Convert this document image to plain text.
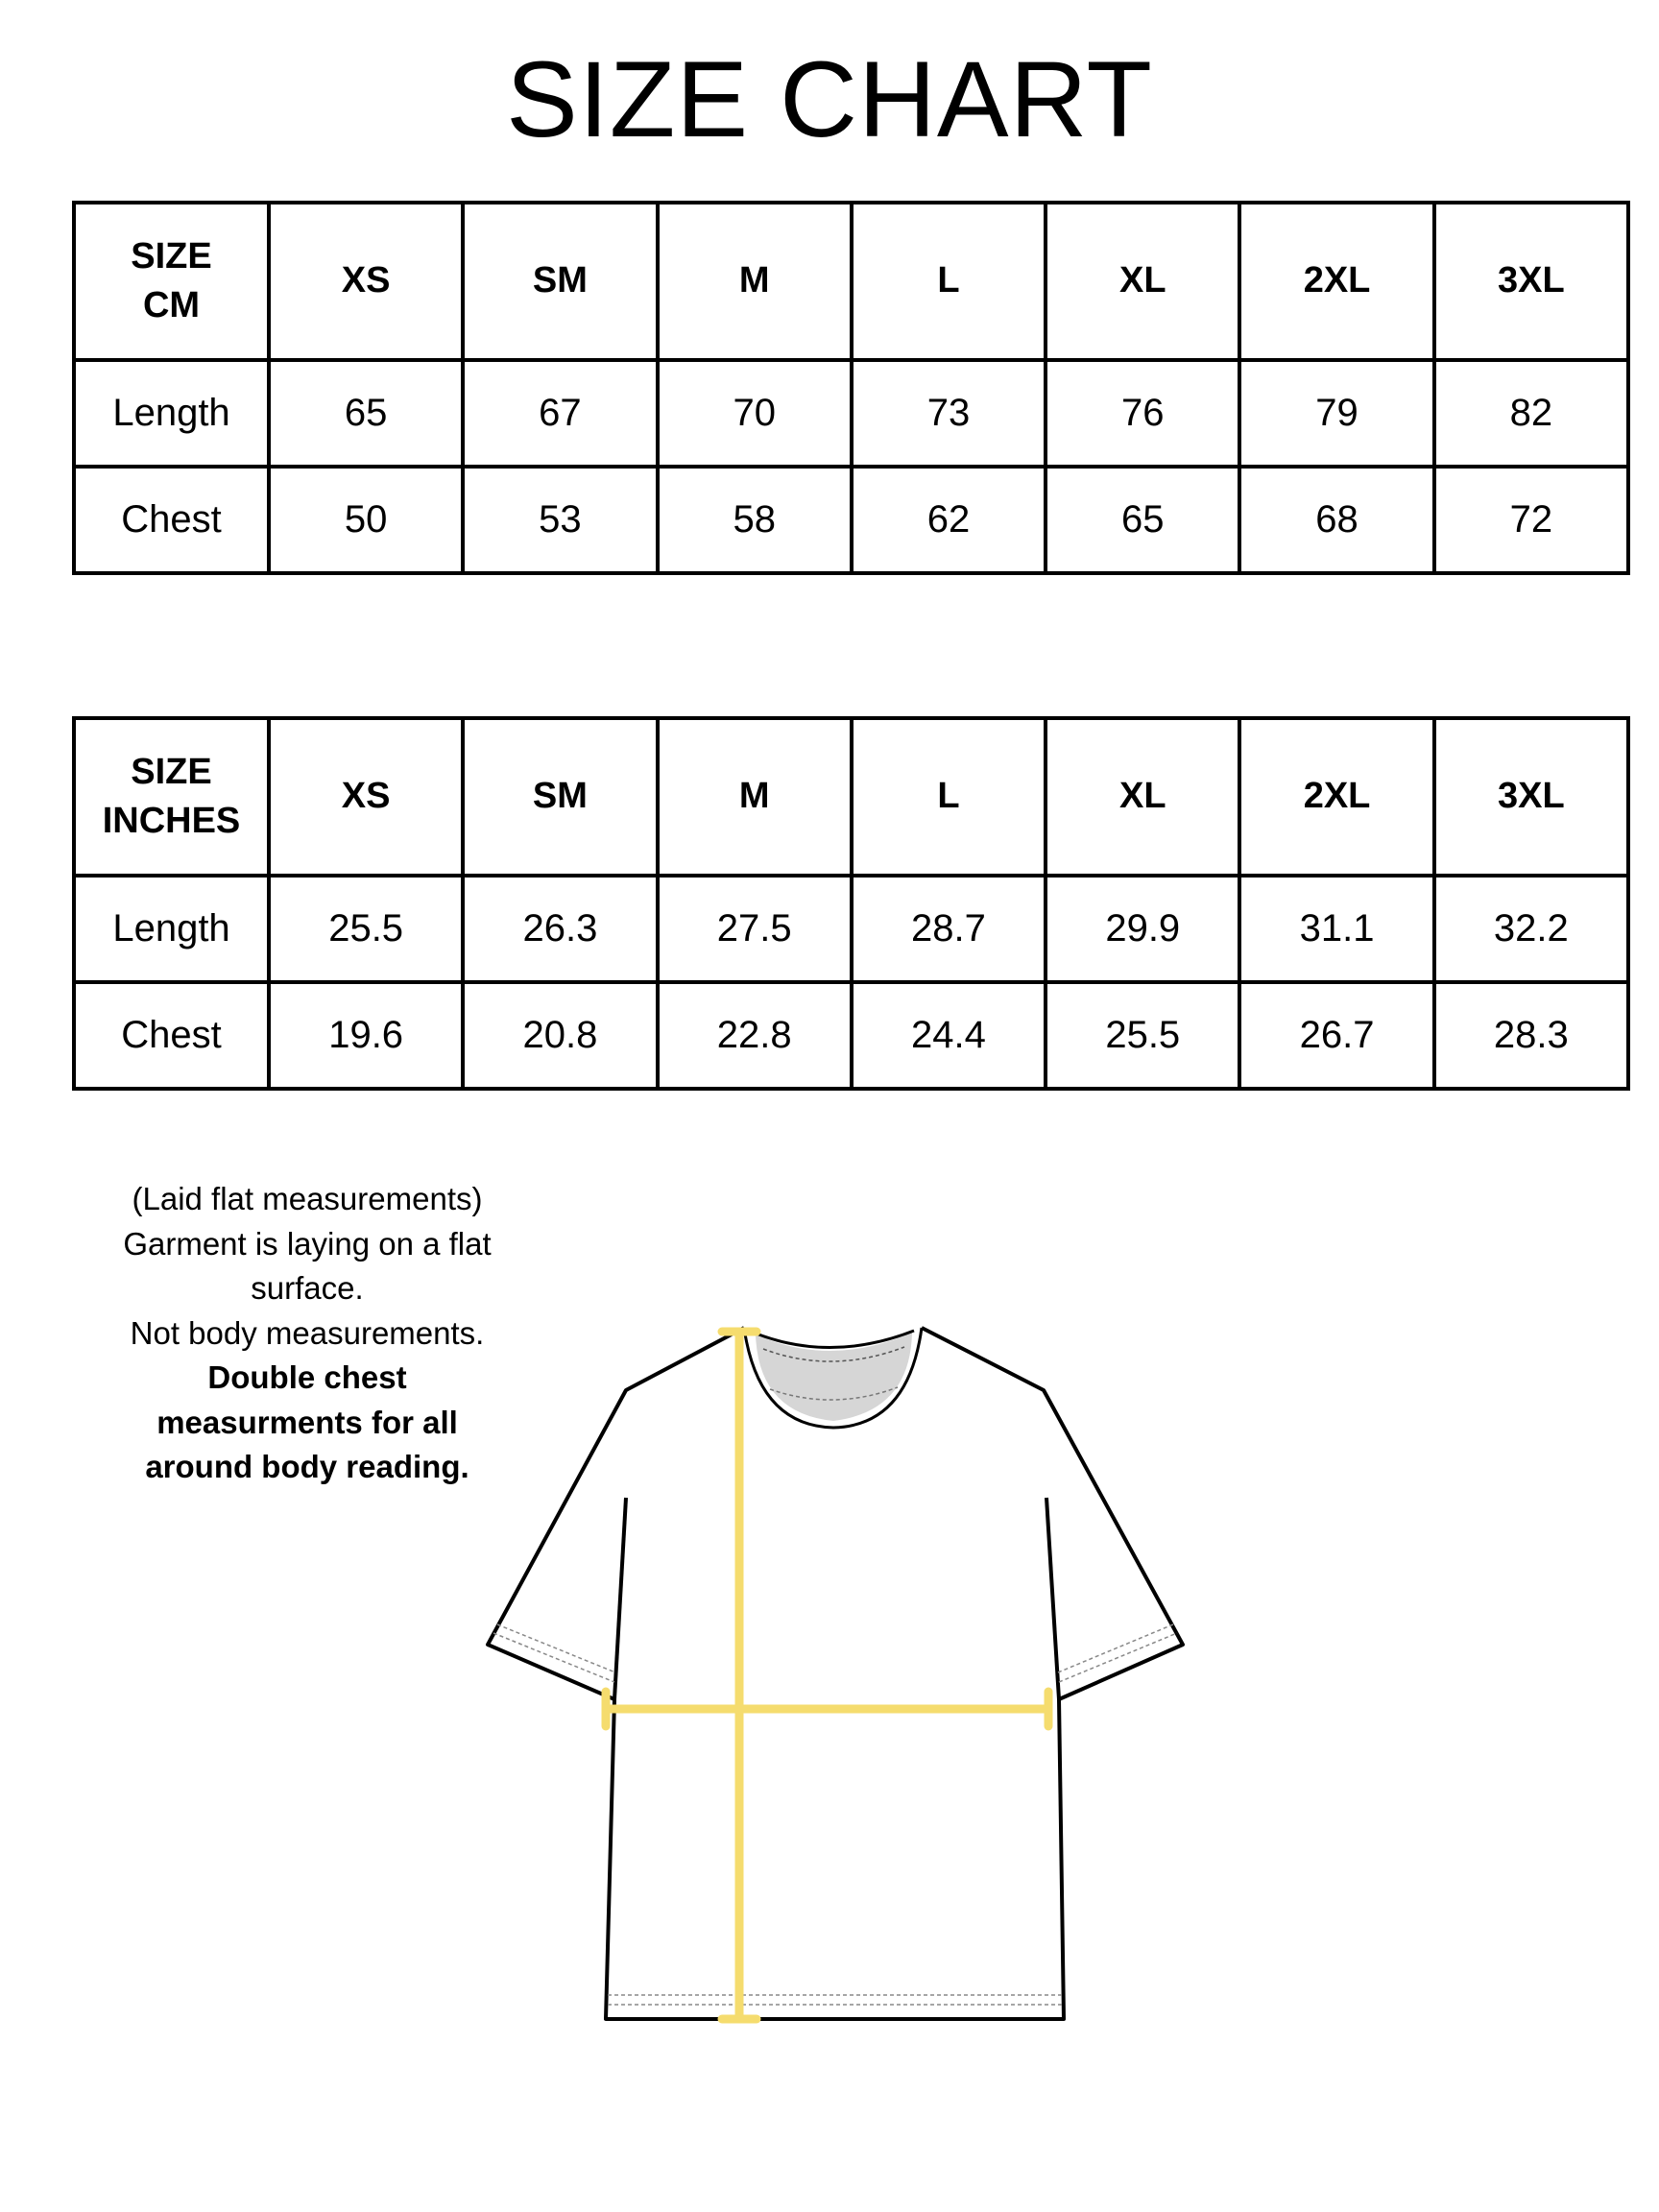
SIZE CHART
SIZE
CM	XS	SM	M	L	XL	2XL	3XL
Length	65	67	70	73	76	79	82
Chest	50	53	58	62	65	68	72
SIZE
INCHES	XS	SM	M	L	XL	2XL	3XL
Length	25.5	26.3	27.5	28.7	29.9	31.1	32.2
Chest	19.6	20.8	22.8	24.4	25.5	26.7	28.3
(Laid flat measurements)
Garment is laying on a flat
surface.
Not body measurements.
Double chest
measurments for all
around body reading.
